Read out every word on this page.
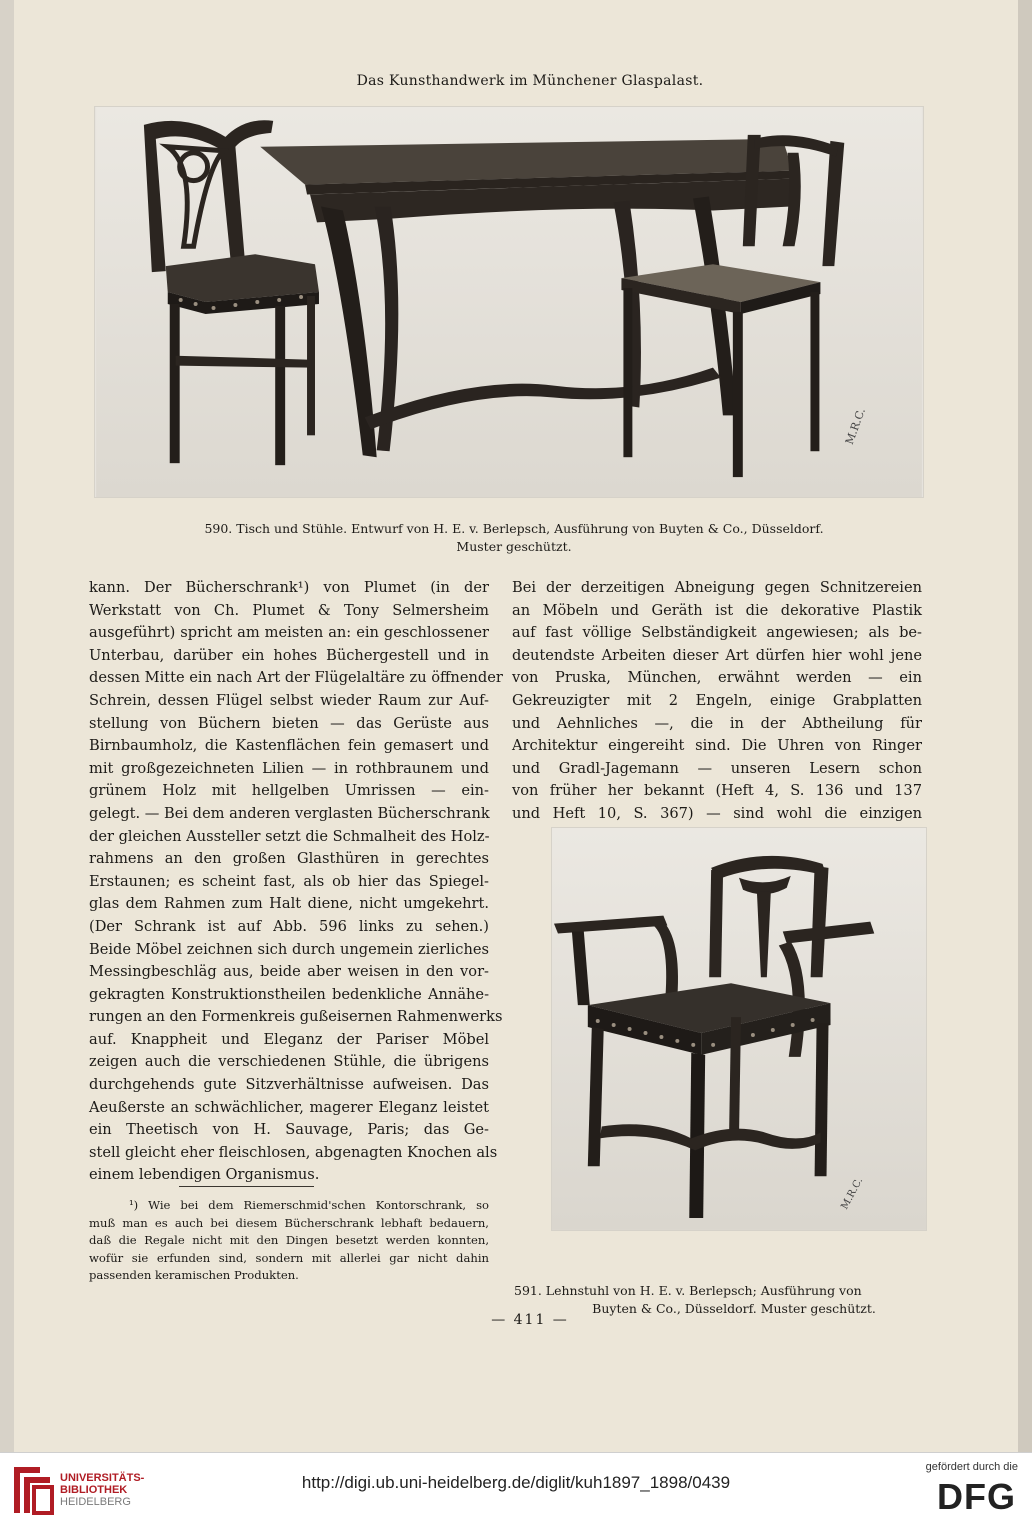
Das Kunsthandwerk im Münchener Glaspalast.
M.R.C.
590. Tisch und Stühle. Entwurf von H. E. v. Berlepsch, Ausführung von Buyten & Co., Düsseldorf.
Muster geschützt.
kann. Der Bücherschrank¹) von Plumet (in der
Werkstatt von Ch. Plumet & Tony Selmersheim
ausgeführt) spricht am meisten an: ein geschlossener
Unterbau, darüber ein hohes Büchergestell und in
dessen Mitte ein nach Art der Flügelaltäre zu öffnender
Schrein, dessen Flügel selbst wieder Raum zur Auf-
stellung von Büchern bieten — das Gerüste aus
Birnbaumholz, die Kastenflächen fein gemasert und
mit großgezeichneten Lilien — in rothbraunem und
grünem Holz mit hellgelben Umrissen — ein-
gelegt. — Bei dem anderen verglasten Bücherschrank
der gleichen Aussteller setzt die Schmalheit des Holz-
rahmens an den großen Glasthüren in gerechtes
Erstaunen; es scheint fast, als ob hier das Spiegel-
glas dem Rahmen zum Halt diene, nicht umgekehrt.
(Der Schrank ist auf Abb. 596 links zu sehen.)
Beide Möbel zeichnen sich durch ungemein zierliches
Messingbeschläg aus, beide aber weisen in den vor-
gekragten Konstruktionstheilen bedenkliche Annähe-
rungen an den Formenkreis gußeisernen Rahmenwerks
auf. Knappheit und Eleganz der Pariser Möbel
zeigen auch die verschiedenen Stühle, die übrigens
durchgehends gute Sitzverhältnisse aufweisen. Das
Aeußerste an schwächlicher, magerer Eleganz leistet
ein Theetisch von H. Sauvage, Paris; das Ge-
stell gleicht eher fleischlosen, abgenagten Knochen als
einem lebendigen Organismus.
Bei der derzeitigen Abneigung gegen Schnitzereien
an Möbeln und Geräth ist die dekorative Plastik
auf fast völlige Selbständigkeit angewiesen; als be-
deutendste Arbeiten dieser Art dürfen hier wohl jene
von Pruska, München, erwähnt werden — ein
Gekreuzigter mit 2 Engeln, einige Grabplatten
und Aehnliches —, die in der Abtheilung für
Architektur eingereiht sind. Die Uhren von Ringer
und Gradl-Jagemann — unseren Lesern schon
von früher her bekannt (Heft 4, S. 136 und 137
und Heft 10, S. 367) — sind wohl die einzigen
M.R.C.
¹) Wie bei dem Riemerschmid'schen Kontorschrank, so
muß man es auch bei diesem Bücherschrank lebhaft bedauern,
daß die Regale nicht mit den Dingen besetzt werden konnten,
wofür sie erfunden sind, sondern mit allerlei gar nicht dahin
passenden keramischen Produkten.
591. Lehnstuhl von H. E. v. Berlepsch; Ausführung von
Buyten & Co., Düsseldorf. Muster geschützt.
— 411 —
UNIVERSITÄTS-
BIBLIOTHEK
HEIDELBERG
http://digi.ub.uni-heidelberg.de/diglit/kuh1897_1898/0439
gefördert durch die
DFG
